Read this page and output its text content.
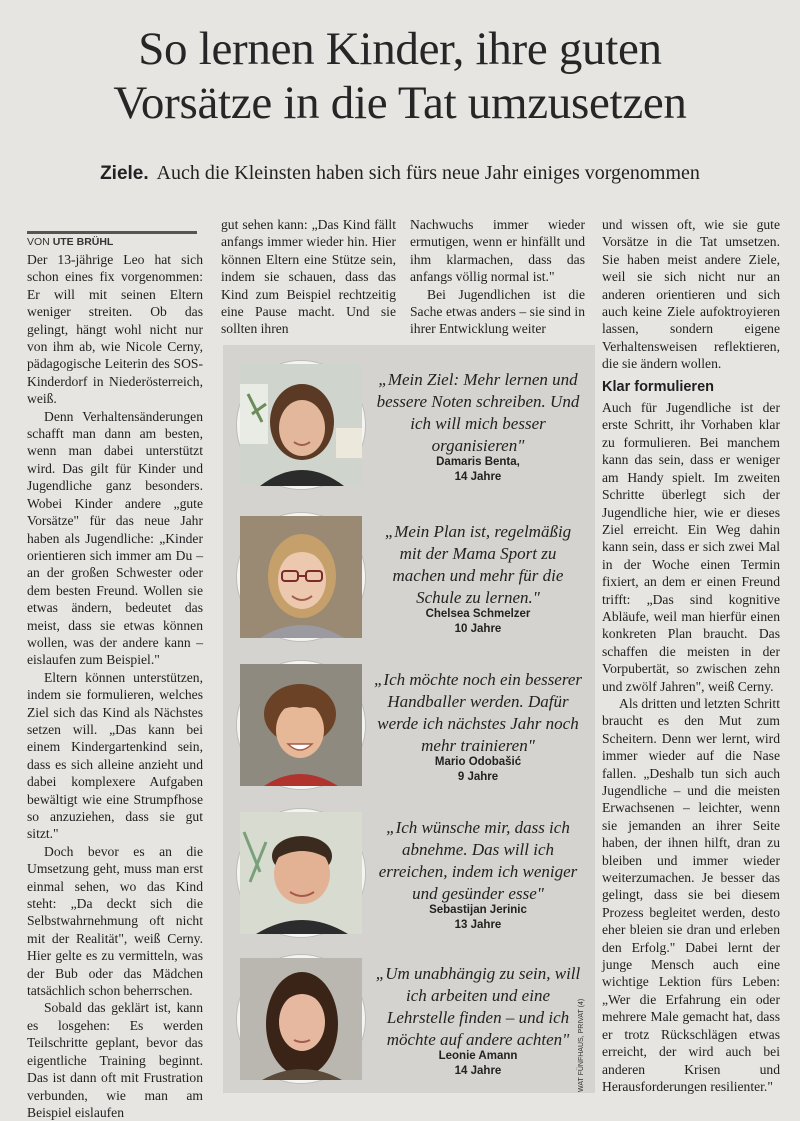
So lernen Kinder, ihre guten
Vorsätze in die Tat umzusetzen
Ziele. Auch die Kleinsten haben sich fürs neue Jahr einiges vorgenommen
VON UTE BRÜHL

Der 13-jährige Leo hat sich schon eines fix vorgenommen: Er will mit seinen Eltern weniger streiten. Ob das gelingt, hängt wohl nicht nur von ihm ab, wie Nicole Cerny, pädagogische Leiterin des SOS-Kinderdorf in Niederösterreich, weiß.

Denn Verhaltensänderungen schafft man dann am besten, wenn man dabei unterstützt wird. Das gilt für Kinder und Jugendliche ganz besonders. Wobei Kinder andere „gute Vorsätze" für das neue Jahr haben als Jugendliche: „Kinder orientieren sich immer am Du – an der großen Schwester oder dem besten Freund. Wollen sie etwas ändern, bedeutet das meist, dass sie etwas können wollen, was der andere kann – eislaufen zum Beispiel."

Eltern können unterstützen, indem sie formulieren, welches Ziel sich das Kind als Nächstes setzen will. „Das kann bei einem Kindergartenkind sein, dass es sich alleine anzieht und dabei komplexere Aufgaben bewältigt wie eine Strumpfhose so anzuziehen, dass sie gut sitzt."

Doch bevor es an die Umsetzung geht, muss man erst einmal sehen, wo das Kind steht: „Da deckt sich die Selbstwahrnehmung oft nicht mit der Realität", weiß Cerny. Hier gelte es zu vermitteln, was der Bub oder das Mädchen tatsächlich schon beherrschen.

Sobald das geklärt ist, kann es losgehen: Es werden Teilschritte geplant, bevor das eigentliche Training beginnt. Das ist dann oft mit Frustration verbunden, wie man am Beispiel eislaufen

gut sehen kann: „Das Kind fällt anfangs immer wieder hin. Hier können Eltern eine Stütze sein, indem sie schauen, dass das Kind zum Beispiel rechtzeitig eine Pause macht. Und sie sollten ihren

Nachwuchs immer wieder ermutigen, wenn er hinfällt und ihm klarmachen, dass das anfangs völlig normal ist."

Bei Jugendlichen ist die Sache etwas anders – sie sind in ihrer Entwicklung weiter

und wissen oft, wie sie gute Vorsätze in die Tat umsetzen. Sie haben meist andere Ziele, weil sie sich nicht nur an anderen orientieren und sich auch keine Ziele aufoktroyieren lassen, sondern eigene Verhaltensweisen reflektieren, die sie ändern wollen.

Klar formulieren

Auch für Jugendliche ist der erste Schritt, ihr Vorhaben klar zu formulieren. Bei manchem kann das sein, dass er weniger am Handy spielt. Im zweiten Schritte überlegt sich der Jugendliche hier, wie er dieses Ziel erreicht. Ein Weg dahin kann sein, dass er sich zwei Mal in der Woche einen Termin fixiert, an dem er einen Freund trifft: „Das sind kognitive Abläufe, weil man hierfür einen konkreten Plan braucht. Das schaffen die meisten in der Vorpubertät, so zwischen zehn und zwölf Jahren", weiß Cerny.

Als dritten und letzten Schritt braucht es den Mut zum Scheitern. Denn wer lernt, wird immer wieder auf die Nase fallen. „Deshalb tun sich auch Jugendliche – und die meisten Erwachsenen – leichter, wenn sie jemanden an ihrer Seite haben, der ihnen hilft, dran zu bleiben und immer wieder weiterzumachen. Je besser das gelingt, dass sie bei diesem Prozess begleitet werden, desto eher bleien sie dran und erleben den Erfolg." Dabei lernt der junge Mensch auch eine wichtige Lektion fürs Leben: „Wer die Erfahrung ein oder mehrere Male gemacht hat, dass er trotz Rückschlägen etwas erreicht, der wird auch bei anderen Krisen und Herausforderungen resilienter."

„Mein Ziel: Mehr lernen und bessere Noten schreiben. Und ich will mich besser organisieren"
Damaris Benta,
14 Jahre
„Mein Plan ist, regelmäßig mit der Mama Sport zu machen und mehr für die Schule zu lernen."
Chelsea Schmelzer
10 Jahre
„Ich möchte noch ein besserer Handballer werden. Dafür werde ich nächstes Jahr noch mehr trainieren"
Mario Odobašić
9 Jahre
„Ich wünsche mir, dass ich abnehme. Das will ich erreichen, indem ich weniger und gesünder esse"
Sebastijan Jerinic
13 Jahre
„Um unabhängig zu sein, will ich arbeiten und eine Lehrstelle finden – und ich möchte auf andere achten"
Leonie Amann
14 Jahre	WAT FÜNFHAUS, PRIVAT (4)
